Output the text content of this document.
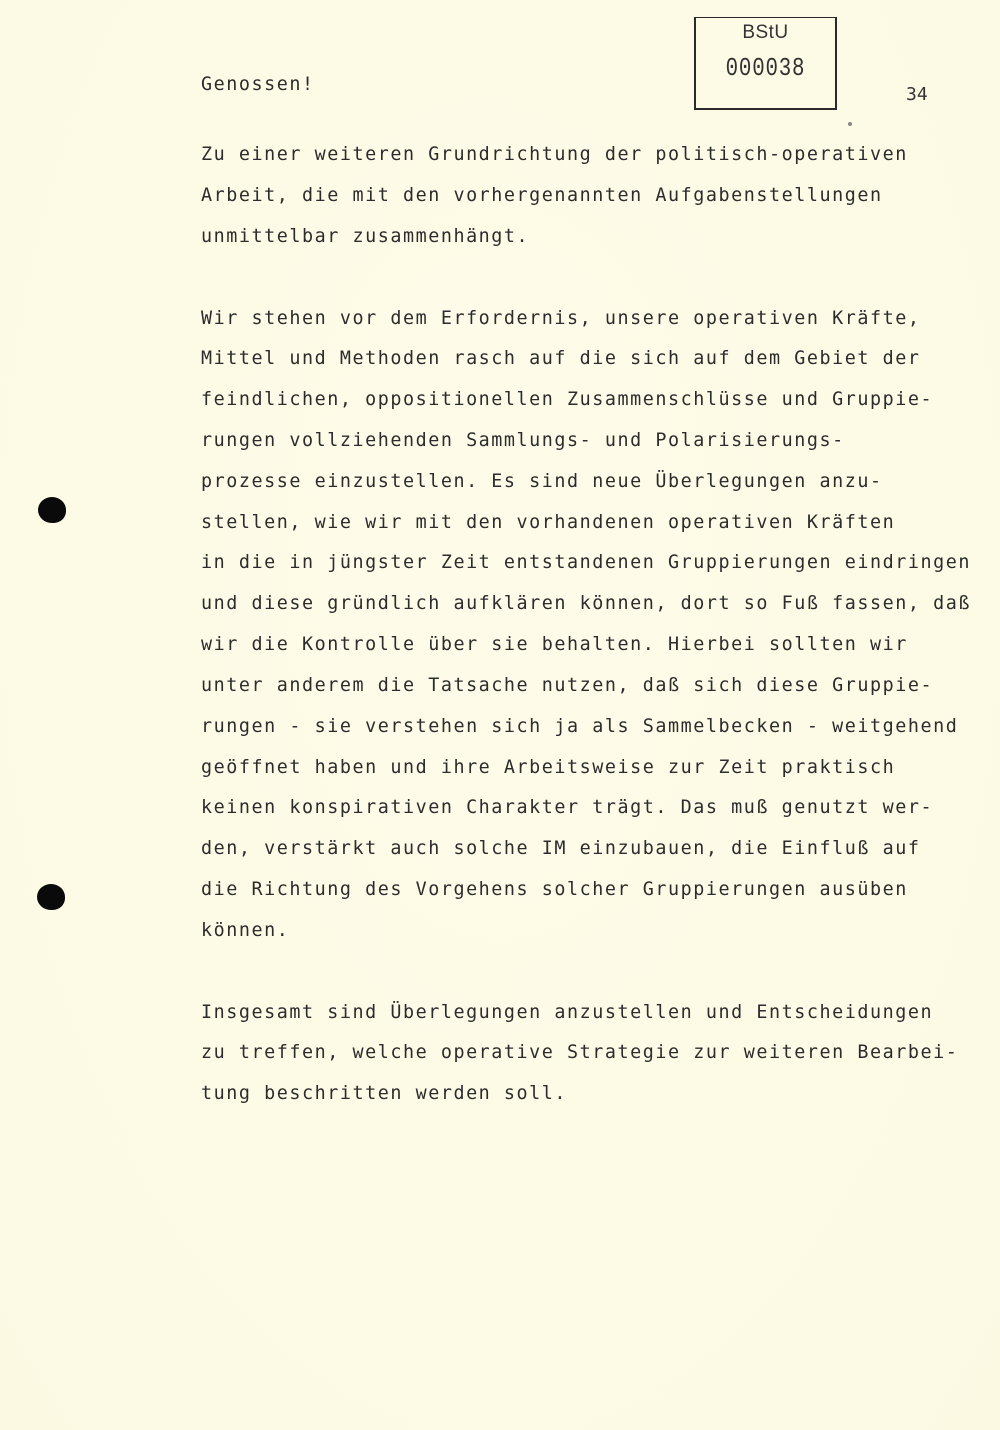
BStU
000038
34
Genossen!
Zu einer weiteren Grundrichtung der politisch-operativen
Arbeit, die mit den vorhergenannten Aufgabenstellungen
unmittelbar zusammenhängt.
Wir stehen vor dem Erfordernis, unsere operativen Kräfte,
Mittel und Methoden rasch auf die sich auf dem Gebiet der
feindlichen, oppositionellen Zusammenschlüsse und Gruppie-
rungen vollziehenden Sammlungs- und Polarisierungs-
prozesse einzustellen. Es sind neue Überlegungen anzu-
stellen, wie wir mit den vorhandenen operativen Kräften
in die in jüngster Zeit entstandenen Gruppierungen eindringen
und diese gründlich aufklären können, dort so Fuß fassen, daß
wir die Kontrolle über sie behalten. Hierbei sollten wir
unter anderem die Tatsache nutzen, daß sich diese Gruppie-
rungen - sie verstehen sich ja als Sammelbecken - weitgehend
geöffnet haben und ihre Arbeitsweise zur Zeit praktisch
keinen konspirativen Charakter trägt. Das muß genutzt wer-
den, verstärkt auch solche IM einzubauen, die Einfluß auf
die Richtung des Vorgehens solcher Gruppierungen ausüben
können.
Insgesamt sind Überlegungen anzustellen und Entscheidungen
zu treffen, welche operative Strategie zur weiteren Bearbei-
tung beschritten werden soll.
